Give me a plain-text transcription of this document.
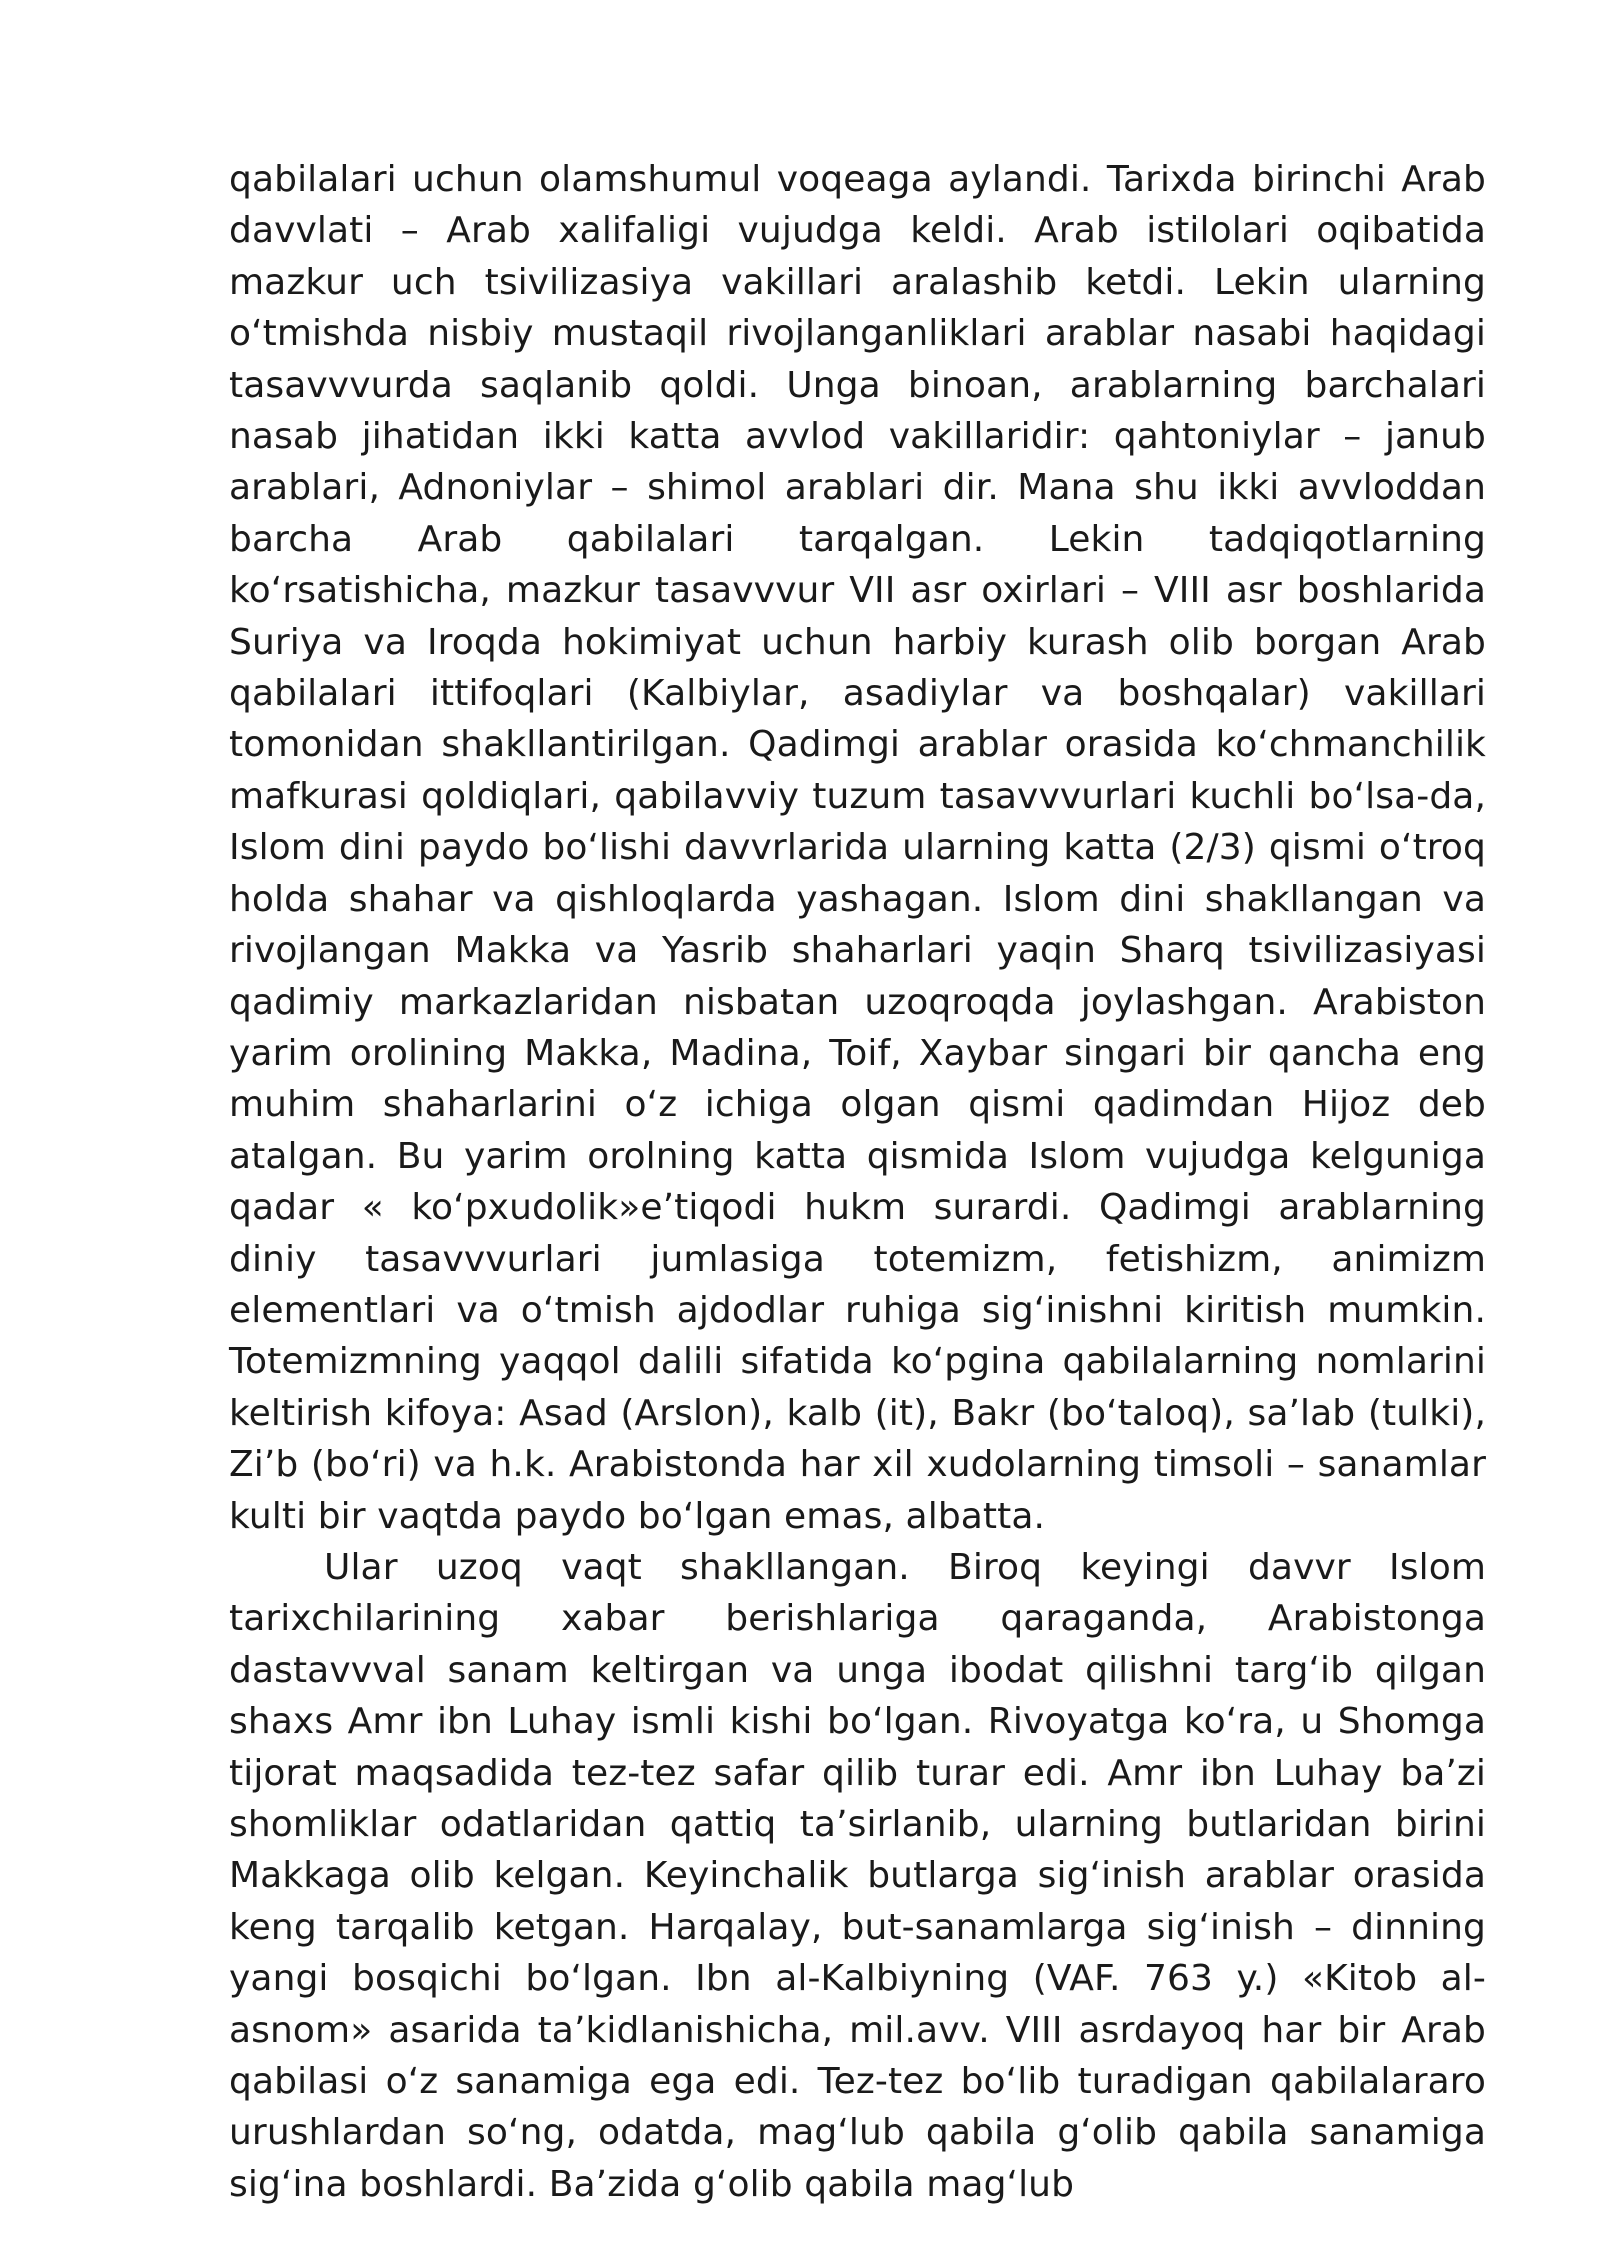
qabilalari uchun olamshumul voqeaga aylandi. Tarixda birinchi Arab davvlati – Arab xalifaligi vujudga keldi. Arab istilolari oqibatida mazkur uch tsivilizasiya vakillari aralashib ketdi. Lekin ularning oʻtmishda nisbiy mustaqil rivojlanganliklari arablar nasabi haqidagi tasavvvurda saqlanib qoldi. Unga binoan, arablarning barchalari nasab jihatidan ikki katta avvlod vakillaridir: qahtoniylar – janub arablari, Adnoniylar – shimol arablari dir. Mana shu ikki avvloddan barcha Arab qabilalari tarqalgan. Lekin tadqiqotlarning koʻrsatishicha, mazkur tasavvvur VII asr oxirlari – VIII asr boshlarida Suriya va Iroqda hokimiyat uchun harbiy kurash olib borgan Arab qabilalari ittifoqlari (Kalbiylar, asadiylar va boshqalar) vakillari tomonidan shakllantirilgan. Qadimgi arablar orasida koʻchmanchilik mafkurasi qoldiqlari, qabilavviy tuzum tasavvvurlari kuchli boʻlsa-da, Islom dini paydo boʻlishi davvrlarida ularning katta (2/3) qismi oʻtroq holda shahar va qishloqlarda yashagan. Islom dini shakllangan va rivojlangan Makka va Yasrib shaharlari yaqin Sharq tsivilizasiyasi qadimiy markazlaridan nisbatan uzoqroqda joylashgan. Arabiston yarim orolining Makka, Madina, Toif, Xaybar singari bir qancha eng muhim shaharlarini oʻz ichiga olgan qismi qadimdan Hijoz deb atalgan. Bu yarim orolning katta qismida Islom vujudga kelguniga qadar « koʻpxudolik»eʼtiqodi hukm surardi. Qadimgi arablarning diniy tasavvvurlari jumlasiga totemizm, fetishizm, animizm elementlari va oʻtmish ajdodlar ruhiga sigʻinishni kiritish mumkin. Totemizmning yaqqol dalili sifatida koʻpgina qabilalarning nomlarini keltirish kifoya: Asad (Arslon), kalb (it), Bakr (boʻtaloq), saʼlab (tulki), Ziʼb (boʻri) va h.k. Arabistonda har xil xudolarning timsoli – sanamlar kulti bir vaqtda paydo boʻlgan emas, albatta.

Ular uzoq vaqt shakllangan. Biroq keyingi davvr Islom tarixchilarining xabar berishlariga qaraganda, Arabistonga dastavvval sanam keltirgan va unga ibodat qilishni targʻib qilgan shaxs Amr ibn Luhay ismli kishi boʻlgan. Rivoyatga koʻra, u Shomga tijorat maqsadida tez-tez safar qilib turar edi. Amr ibn Luhay baʼzi shomliklar odatlaridan qattiq taʼsirlanib, ularning butlaridan birini Makkaga olib kelgan. Keyinchalik butlarga sigʻinish arablar orasida keng tarqalib ketgan. Harqalay, but-sanamlarga sigʻinish – dinning yangi bosqichi boʻlgan. Ibn al-Kalbiyning (VAF. 763 y.) «Kitob al-asnom» asarida taʼkidlanishicha, mil.avv. VIII asrdayoq har bir Arab qabilasi oʻz sanamiga ega edi. Tez-tez boʻlib turadigan qabilalararo urushlardan soʻng, odatda, magʻlub qabila gʻolib qabila sanamiga sigʻina boshlardi. Baʼzida gʻolib qabila magʻlub
